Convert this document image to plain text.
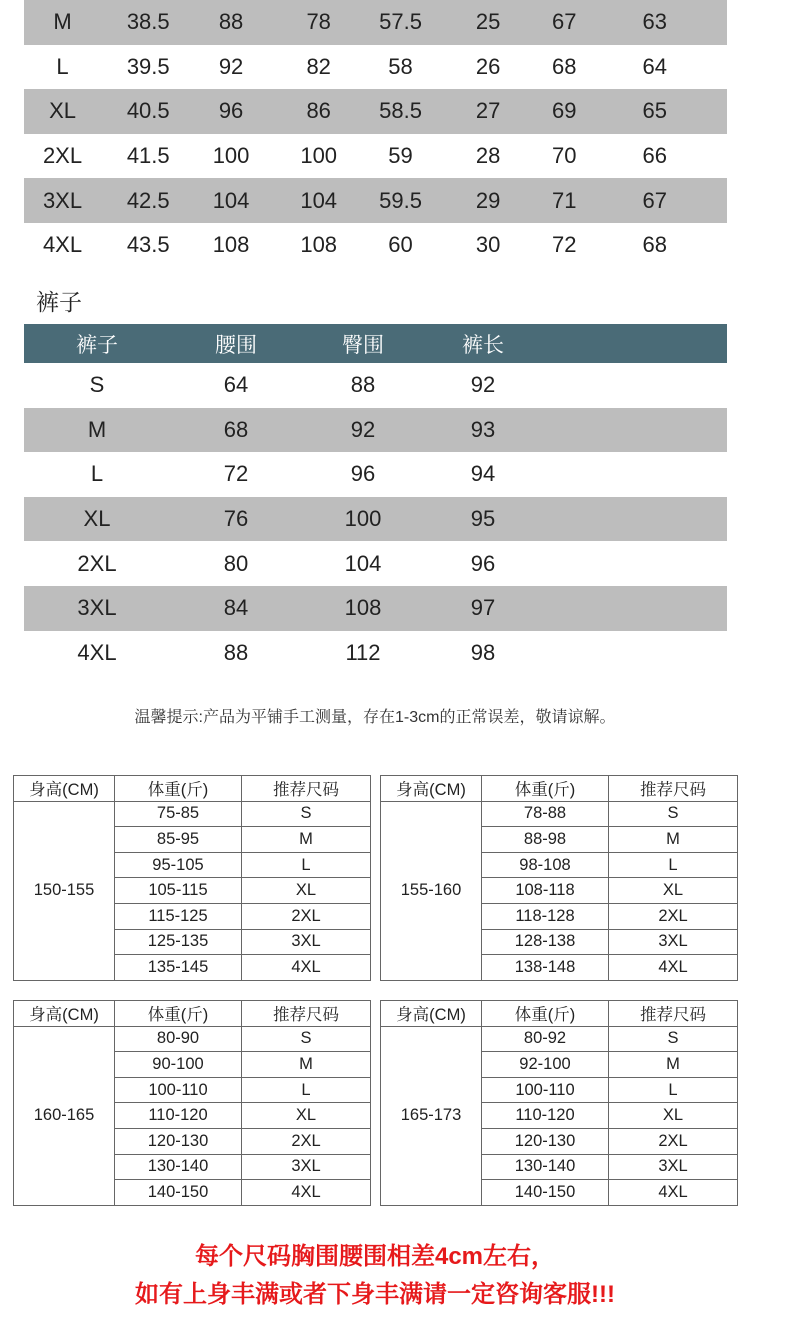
M	38.5	88	78	57.5	25	67	63
L	39.5	92	82	58	26	68	64
XL	40.5	96	86	58.5	27	69	65
2XL	41.5	100	100	59	28	70	66
3XL	42.5	104	104	59.5	29	71	67
4XL	43.5	108	108	60	30	72	68
裤子
裤子	腰围	臀围	裤长
S	64	88	92
M	68	92	93
L	72	96	94
XL	76	100	95
2XL	80	104	96
3XL	84	108	97
4XL	88	112	98
温馨提示:产品为平铺手工测量，存在1-3cm的正常误差，敬请谅解。
身高(CM)	体重(斤)	推荐尺码
150-155	75-85	S
	85-95	M
	95-105	L
	105-115	XL
	115-125	2XL
	125-135	3XL
	135-145	4XL
身高(CM)	体重(斤)	推荐尺码
155-160	78-88	S
	88-98	M
	98-108	L
	108-118	XL
	118-128	2XL
	128-138	3XL
	138-148	4XL
身高(CM)	体重(斤)	推荐尺码
160-165	80-90	S
	90-100	M
	100-110	L
	110-120	XL
	120-130	2XL
	130-140	3XL
	140-150	4XL
身高(CM)	体重(斤)	推荐尺码
165-173	80-92	S
	92-100	M
	100-110	L
	110-120	XL
	120-130	2XL
	130-140	3XL
	140-150	4XL
每个尺码胸围腰围相差4cm左右，
如有上身丰满或者下身丰满请一定咨询客服!!!
